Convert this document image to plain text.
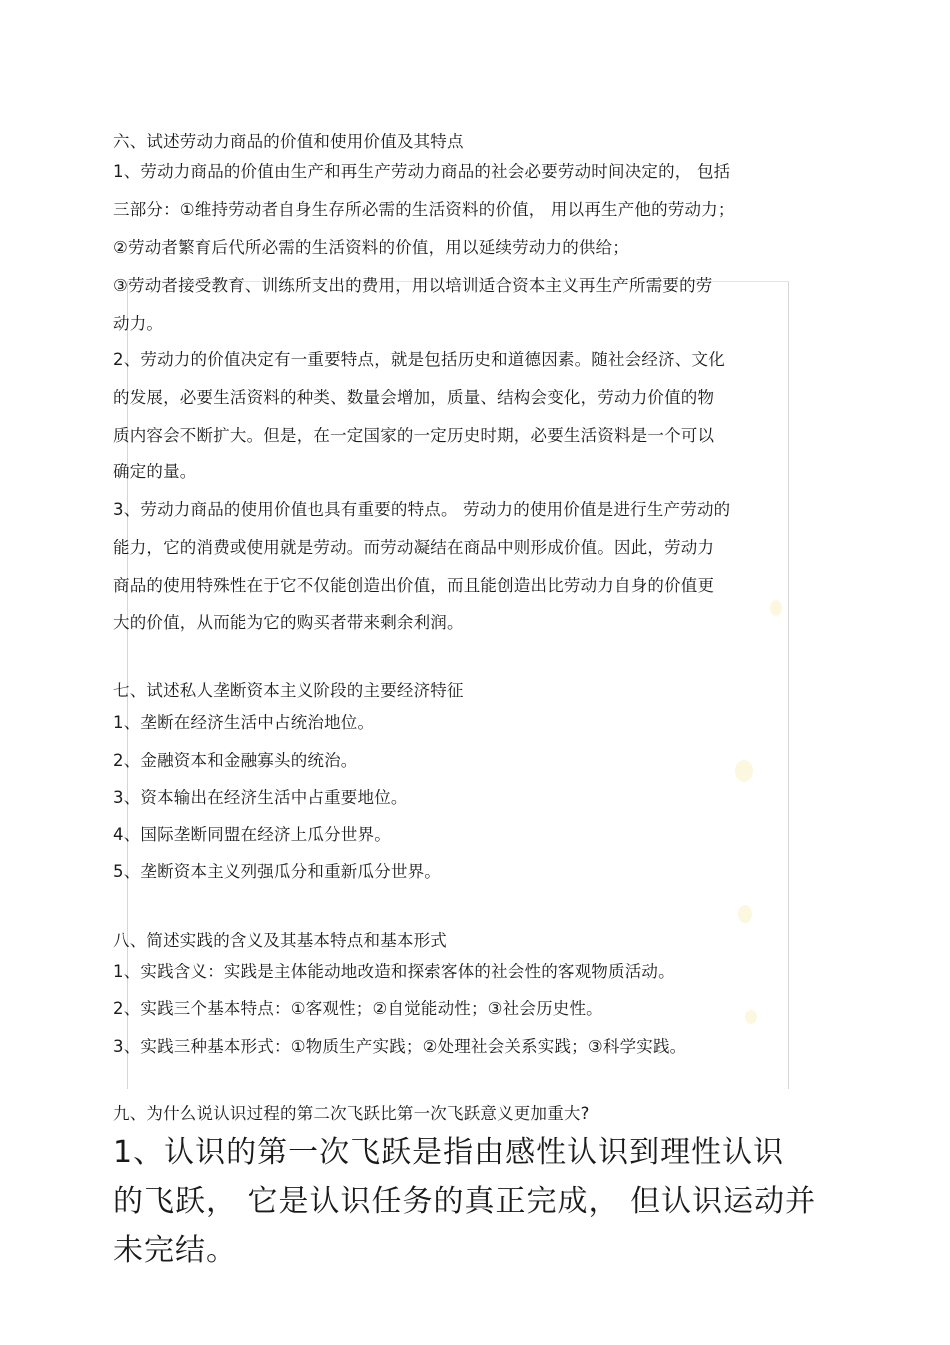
六、试述劳动力商品的价值和使用价值及其特点
1、劳动力商品的价值由生产和再生产劳动力商品的社会必要劳动时间决定的， 包括
三部分：①维持劳动者自身生存所必需的生活资料的价值， 用以再生产他的劳动力；
②劳动者繁育后代所必需的生活资料的价值，用以延续劳动力的供给；
③劳动者接受教育、训练所支出的费用，用以培训适合资本主义再生产所需要的劳
动力。
2、劳动力的价值决定有一重要特点，就是包括历史和道德因素。随社会经济、文化
的发展，必要生活资料的种类、数量会增加，质量、结构会变化，劳动力价值的物
质内容会不断扩大。但是，在一定国家的一定历史时期，必要生活资料是一个可以
确定的量。
3、劳动力商品的使用价值也具有重要的特点。 劳动力的使用价值是进行生产劳动的
能力，它的消费或使用就是劳动。而劳动凝结在商品中则形成价值。因此，劳动力
商品的使用特殊性在于它不仅能创造出价值，而且能创造出比劳动力自身的价值更
大的价值，从而能为它的购买者带来剩余利润。
七、试述私人垄断资本主义阶段的主要经济特征
1、垄断在经济生活中占统治地位。
2、金融资本和金融寡头的统治。
3、资本输出在经济生活中占重要地位。
4、国际垄断同盟在经济上瓜分世界。
5、垄断资本主义列强瓜分和重新瓜分世界。
八、简述实践的含义及其基本特点和基本形式
1、实践含义：实践是主体能动地改造和探索客体的社会性的客观物质活动。
2、实践三个基本特点：①客观性；②自觉能动性；③社会历史性。
3、实践三种基本形式：①物质生产实践；②处理社会关系实践；③科学实践。
九、为什么说认识过程的第二次飞跃比第一次飞跃意义更加重大?
1、认识的第一次飞跃是指由感性认识到理性认识
的飞跃， 它是认识任务的真正完成， 但认识运动并
未完结。
